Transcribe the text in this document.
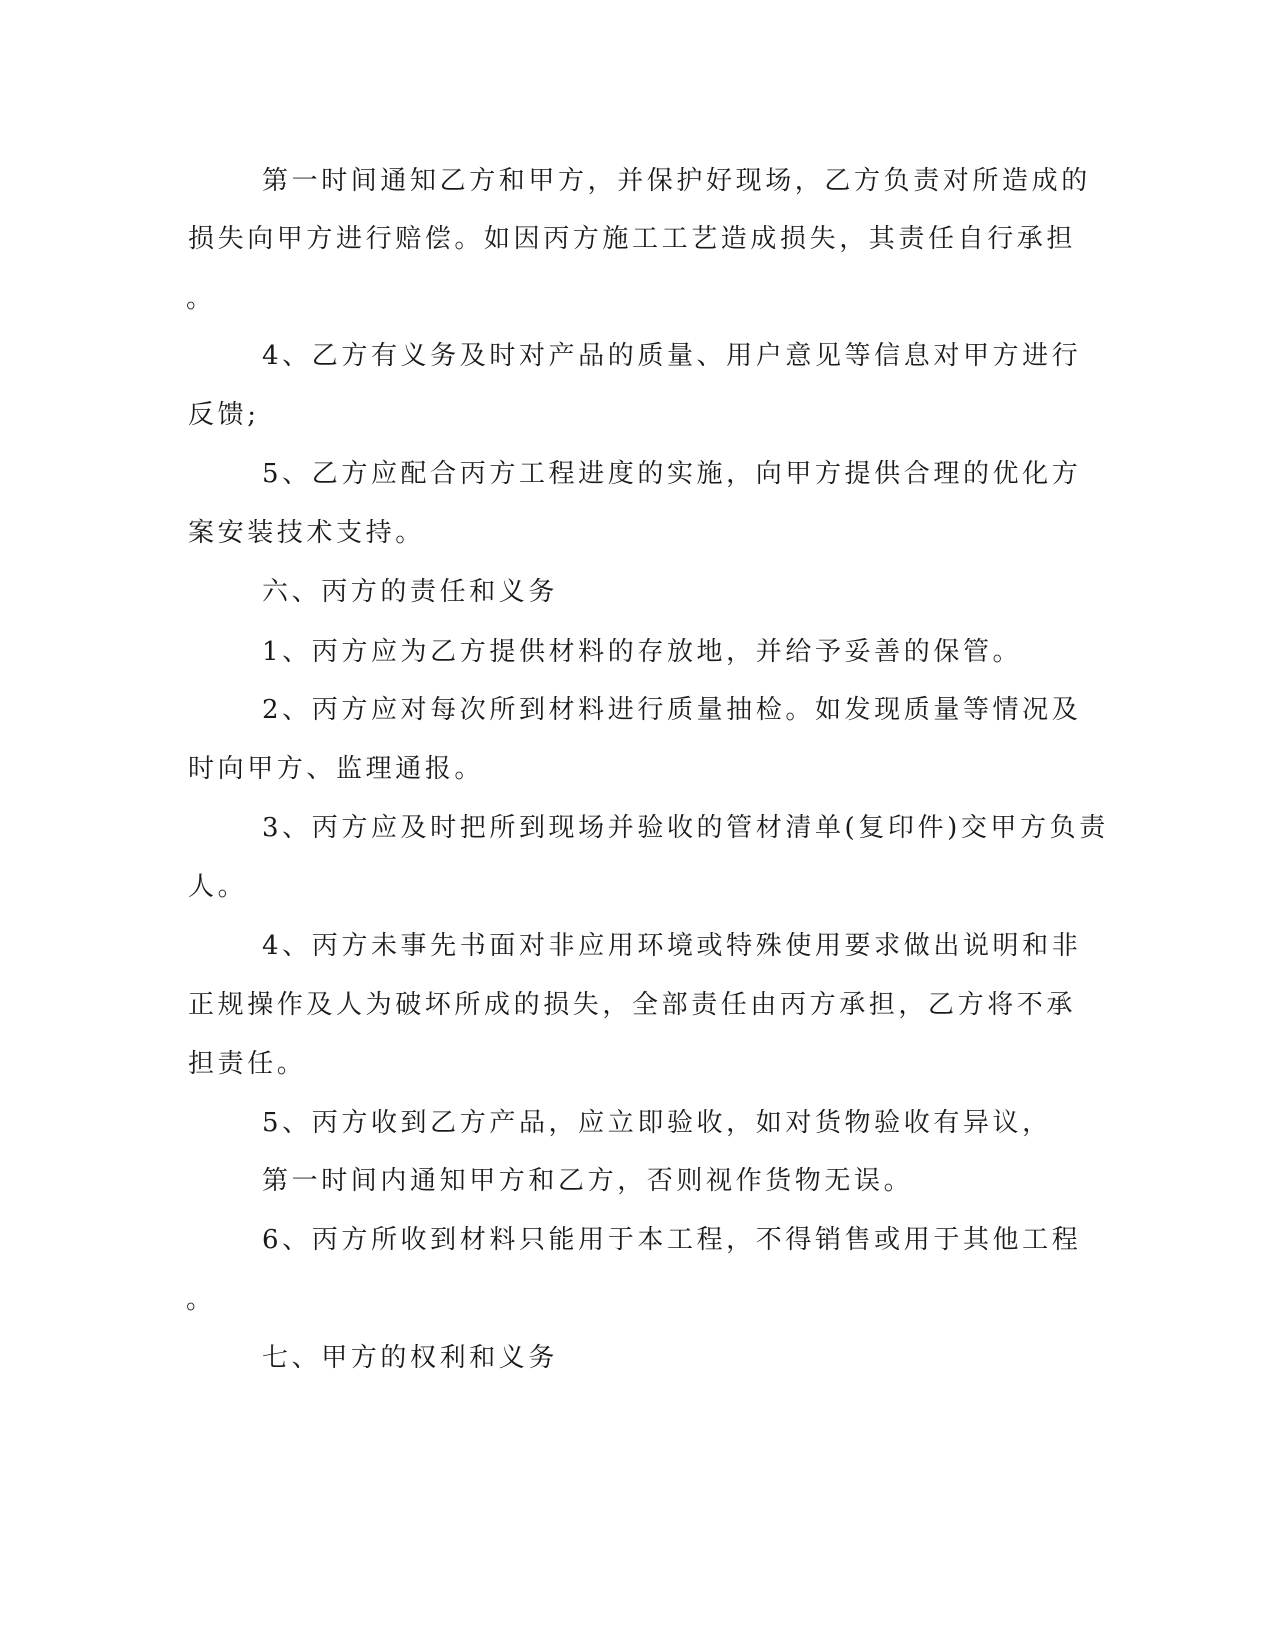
第一时间通知乙方和甲方，并保护好现场，乙方负责对所造成的
损失向甲方进行赔偿。如因丙方施工工艺造成损失，其责任自行承担
。
4、乙方有义务及时对产品的质量、用户意见等信息对甲方进行
反馈;
5、乙方应配合丙方工程进度的实施，向甲方提供合理的优化方
案安装技术支持。
六、丙方的责任和义务
1、丙方应为乙方提供材料的存放地，并给予妥善的保管。
2、丙方应对每次所到材料进行质量抽检。如发现质量等情况及
时向甲方、监理通报。
3、丙方应及时把所到现场并验收的管材清单(复印件)交甲方负责
人。
4、丙方未事先书面对非应用环境或特殊使用要求做出说明和非
正规操作及人为破坏所成的损失，全部责任由丙方承担，乙方将不承
担责任。
5、丙方收到乙方产品，应立即验收，如对货物验收有异议，
第一时间内通知甲方和乙方，否则视作货物无误。
6、丙方所收到材料只能用于本工程，不得销售或用于其他工程
。
七、甲方的权利和义务
